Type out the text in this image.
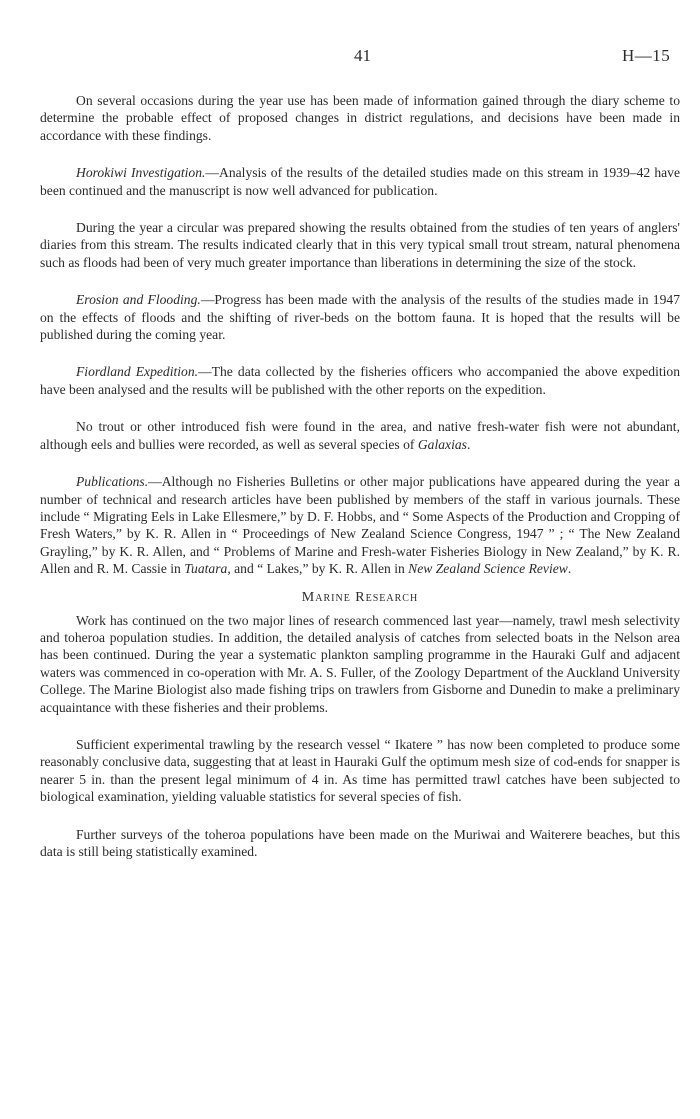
41	H—15

On several occasions during the year use has been made of information gained through the diary scheme to determine the probable effect of proposed changes in district regulations, and decisions have been made in accordance with these findings.

Horokiwi Investigation.—Analysis of the results of the detailed studies made on this stream in 1939–42 have been continued and the manuscript is now well advanced for publication.

During the year a circular was prepared showing the results obtained from the studies of ten years of anglers' diaries from this stream. The results indicated clearly that in this very typical small trout stream, natural phenomena such as floods had been of very much greater importance than liberations in determining the size of the stock.

Erosion and Flooding.—Progress has been made with the analysis of the results of the studies made in 1947 on the effects of floods and the shifting of river-beds on the bottom fauna. It is hoped that the results will be published during the coming year.

Fiordland Expedition.—The data collected by the fisheries officers who accompanied the above expedition have been analysed and the results will be published with the other reports on the expedition.

No trout or other introduced fish were found in the area, and native fresh-water fish were not abundant, although eels and bullies were recorded, as well as several species of Galaxias.

Publications.—Although no Fisheries Bulletins or other major publications have appeared during the year a number of technical and research articles have been published by members of the staff in various journals. These include “ Migrating Eels in Lake Ellesmere,” by D. F. Hobbs, and “ Some Aspects of the Production and Cropping of Fresh Waters,” by K. R. Allen in “ Proceedings of New Zealand Science Congress, 1947 ” ; “ The New Zealand Grayling,” by K. R. Allen, and “ Problems of Marine and Fresh-water Fisheries Biology in New Zealand,” by K. R. Allen and R. M. Cassie in Tuatara, and “ Lakes,” by K. R. Allen in New Zealand Science Review.

Marine Research

Work has continued on the two major lines of research commenced last year—namely, trawl mesh selectivity and toheroa population studies. In addition, the detailed analysis of catches from selected boats in the Nelson area has been continued. During the year a systematic plankton sampling programme in the Hauraki Gulf and adjacent waters was commenced in co-operation with Mr. A. S. Fuller, of the Zoology Department of the Auckland University College. The Marine Biologist also made fishing trips on trawlers from Gisborne and Dunedin to make a preliminary acquaintance with these fisheries and their problems.

Sufficient experimental trawling by the research vessel “ Ikatere ” has now been completed to produce some reasonably conclusive data, suggesting that at least in Hauraki Gulf the optimum mesh size of cod-ends for snapper is nearer 5 in. than the present legal minimum of 4 in. As time has permitted trawl catches have been subjected to biological examination, yielding valuable statistics for several species of fish.

Further surveys of the toheroa populations have been made on the Muriwai and Waiterere beaches, but this data is still being statistically examined.
